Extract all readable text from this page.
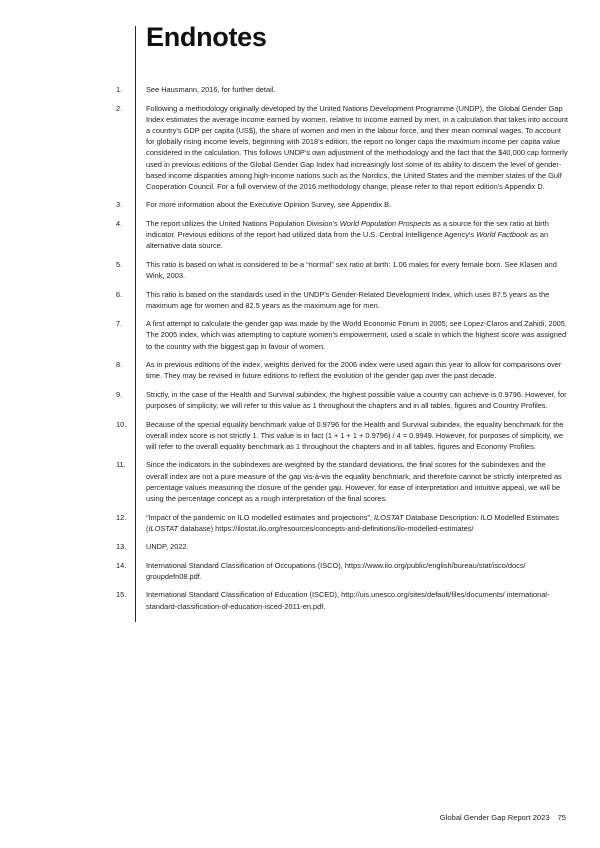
Endnotes
1.	See Hausmann, 2016, for further detail.
2.	Following a methodology originally developed by the United Nations Development Programme (UNDP), the Global Gender Gap Index estimates the average income earned by women, relative to income earned by men, in a calculation that takes into account a country’s GDP per capita (US$), the share of women and men in the labour force, and their mean nominal wages. To account for globally rising income levels, beginning with 2018’s edition, the report no longer caps the maximum income per capita value considered in the calculation. This follows UNDP’s own adjustment of the methodology and the fact that the $40,000 cap formerly used in previous editions of the Global Gender Gap Index had increasingly lost some of its ability to discern the level of gender-based income disparities among high-income nations such as the Nordics, the United States and the member states of the Gulf Cooperation Council. For a full overview of the 2016 methodology change, please refer to that report edition’s Appendix D.
3.	For more information about the Executive Opinion Survey, see Appendix B.
4.	The report utilizes the United Nations Population Division’s World Population Prospects as a source for the sex ratio at birth indicator. Previous editions of the report had utilized data from the U.S. Central Intelligence Agency’s World Factbook as an alternative data source.
5.	This ratio is based on what is considered to be a “normal” sex ratio at birth: 1.06 males for every female born. See Klasen and Wink, 2003.
6.	This ratio is based on the standards used in the UNDP’s Gender-Related Development Index, which uses 87.5 years as the maximum age for women and 82.5 years as the maximum age for men.
7.	A first attempt to calculate the gender gap was made by the World Economic Forum in 2005; see Lopez-Claros and Zahidi, 2005. The 2005 index, which was attempting to capture women’s empowerment, used a scale in which the highest score was assigned to the country with the biggest gap in favour of women.
8.	As in previous editions of the index, weights derived for the 2006 index were used again this year to allow for comparisons over time. They may be revised in future editions to reflect the evolution of the gender gap over the past decade.
9.	Strictly, in the case of the Health and Survival subindex, the highest possible value a country can achieve is 0.9796. However, for purposes of simplicity, we will refer to this value as 1 throughout the chapters and in all tables, figures and Country Profiles.
10.	Because of the special equality benchmark value of 0.9796 for the Health and Survival subindex, the equality benchmark for the overall index score is not strictly 1. This value is in fact (1 + 1 + 1 + 0.9796) / 4 = 0.9949. However, for purposes of simplicity, we will refer to the overall equality benchmark as 1 throughout the chapters and in all tables, figures and Economy Profiles.
11.	Since the indicators in the subindexes are weighted by the standard deviations, the final scores for the subindexes and the overall index are not a pure measure of the gap vis-à-vis the equality benchmark, and therefore cannot be strictly interpreted as percentage values measuring the closure of the gender gap. However, for ease of interpretation and intuitive appeal, we will be using the percentage concept as a rough interpretation of the final scores.
12.	“Impact of the pandemic on ILO modelled estimates and projections”, ILOSTAT Database Description: ILO Modelled Estimates (ILOSTAT database) https://ilostat.ilo.org/resources/concepts-and-definitions/ilo-modelled-estimates/
13.	UNDP, 2022.
14.	International Standard Classification of Occupations (ISCO), https://www.ilo.org/public/english/bureau/stat/isco/docs/ groupdefn08.pdf.
15.	International Standard Classification of Education (ISCED), http://uis.unesco.org/sites/default/files/documents/ international-standard-classification-of-education-isced-2011-en.pdf.
Global Gender Gap Report 2023 75
